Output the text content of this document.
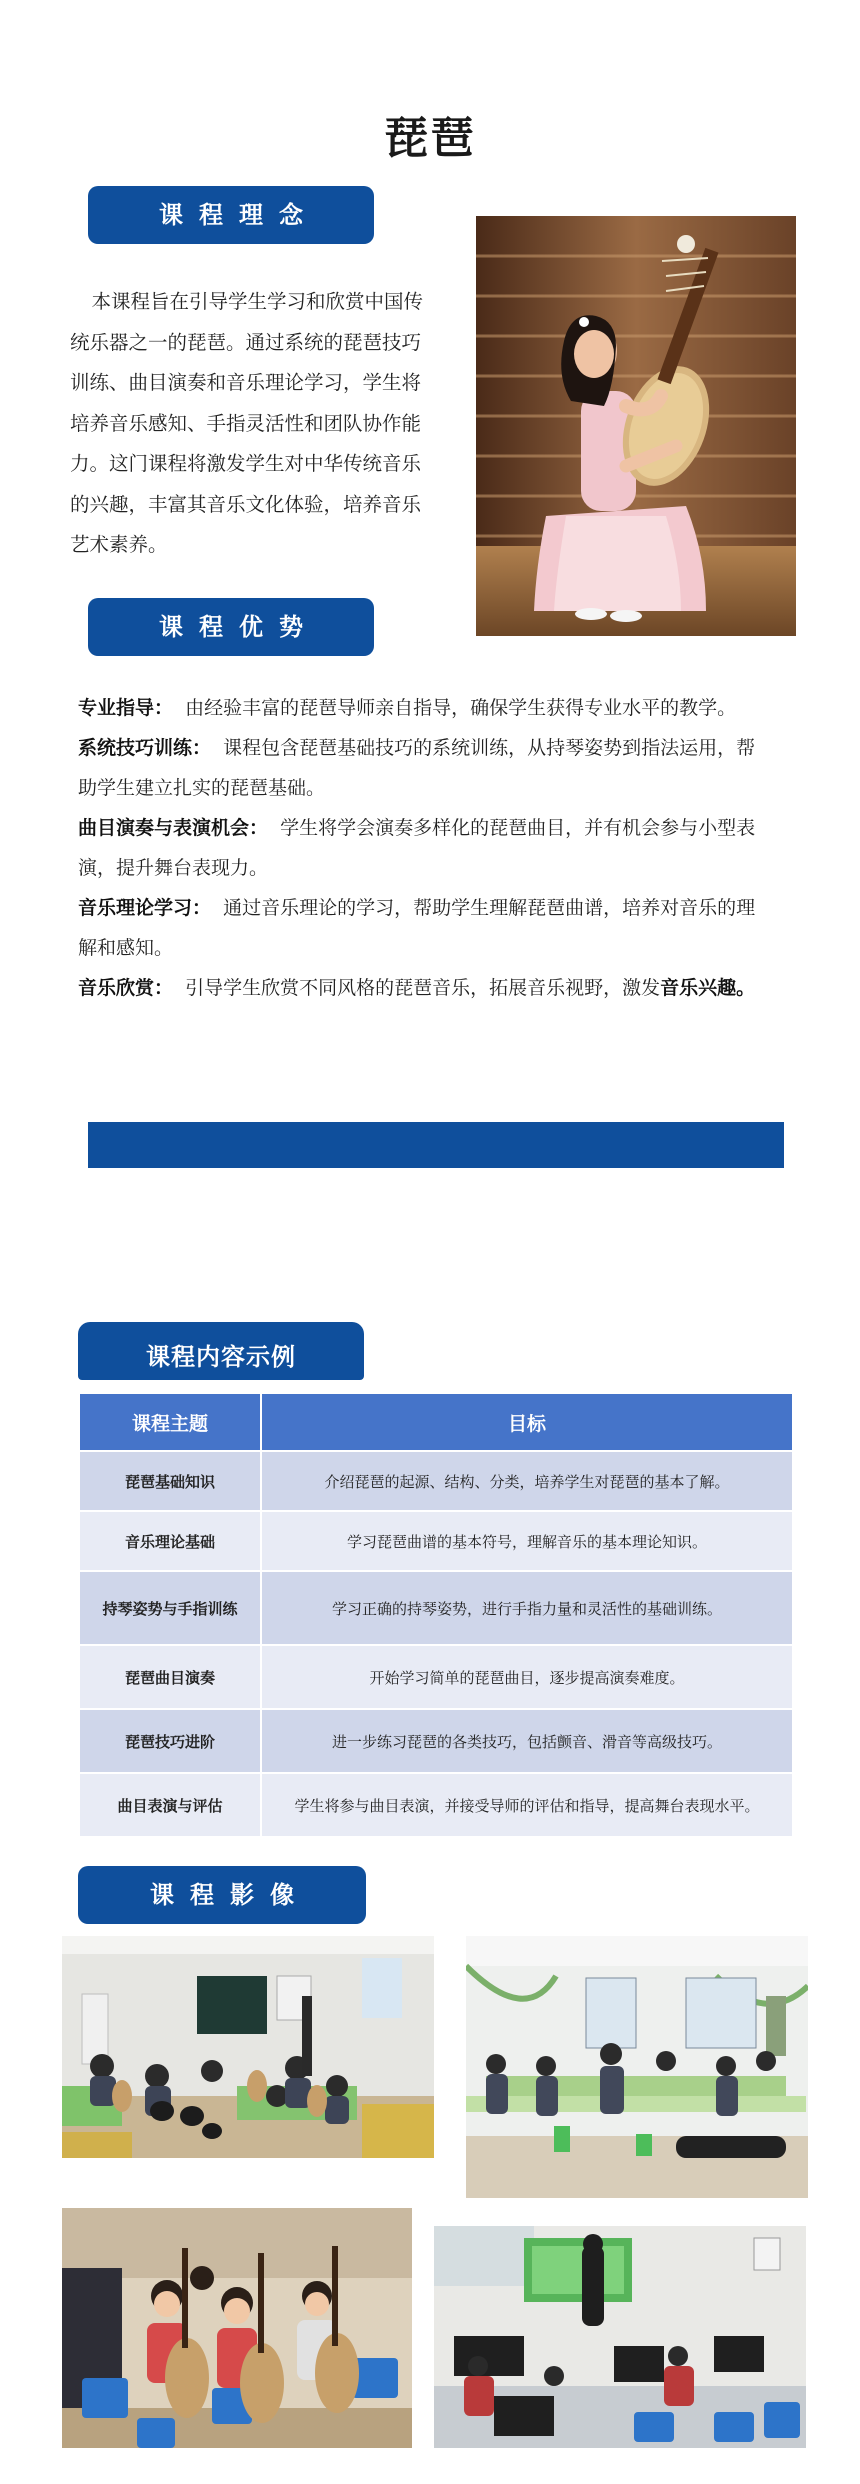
琵琶
课程理念
本课程旨在引导学生学习和欣赏中国传统乐器之一的琵琶。通过系统的琵琶技巧训练、曲目演奏和音乐理论学习，学生将培养音乐感知、手指灵活性和团队协作能力。这门课程将激发学生对中华传统音乐的兴趣，丰富其音乐文化体验，培养音乐艺术素养。
课程优势

专业指导： 由经验丰富的琵琶导师亲自指导，确保学生获得专业水平的教学。

系统技巧训练： 课程包含琵琶基础技巧的系统训练，从持琴姿势到指法运用，帮助学生建立扎实的琵琶基础。

曲目演奏与表演机会： 学生将学会演奏多样化的琵琶曲目，并有机会参与小型表演，提升舞台表现力。

音乐理论学习： 通过音乐理论的学习，帮助学生理解琵琶曲谱，培养对音乐的理解和感知。

音乐欣赏： 引导学生欣赏不同风格的琵琶音乐，拓展音乐视野，激发音乐兴趣。

课程内容示例
课程主题	目标
琵琶基础知识	介绍琵琶的起源、结构、分类，培养学生对琵琶的基本了解。
音乐理论基础	学习琵琶曲谱的基本符号，理解音乐的基本理论知识。
持琴姿势与手指训练	学习正确的持琴姿势，进行手指力量和灵活性的基础训练。
琵琶曲目演奏	开始学习简单的琵琶曲目，逐步提高演奏难度。
琵琶技巧进阶	进一步练习琵琶的各类技巧，包括颤音、滑音等高级技巧。
曲目表演与评估	学生将参与曲目表演，并接受导师的评估和指导，提高舞台表现水平。
课程影像
